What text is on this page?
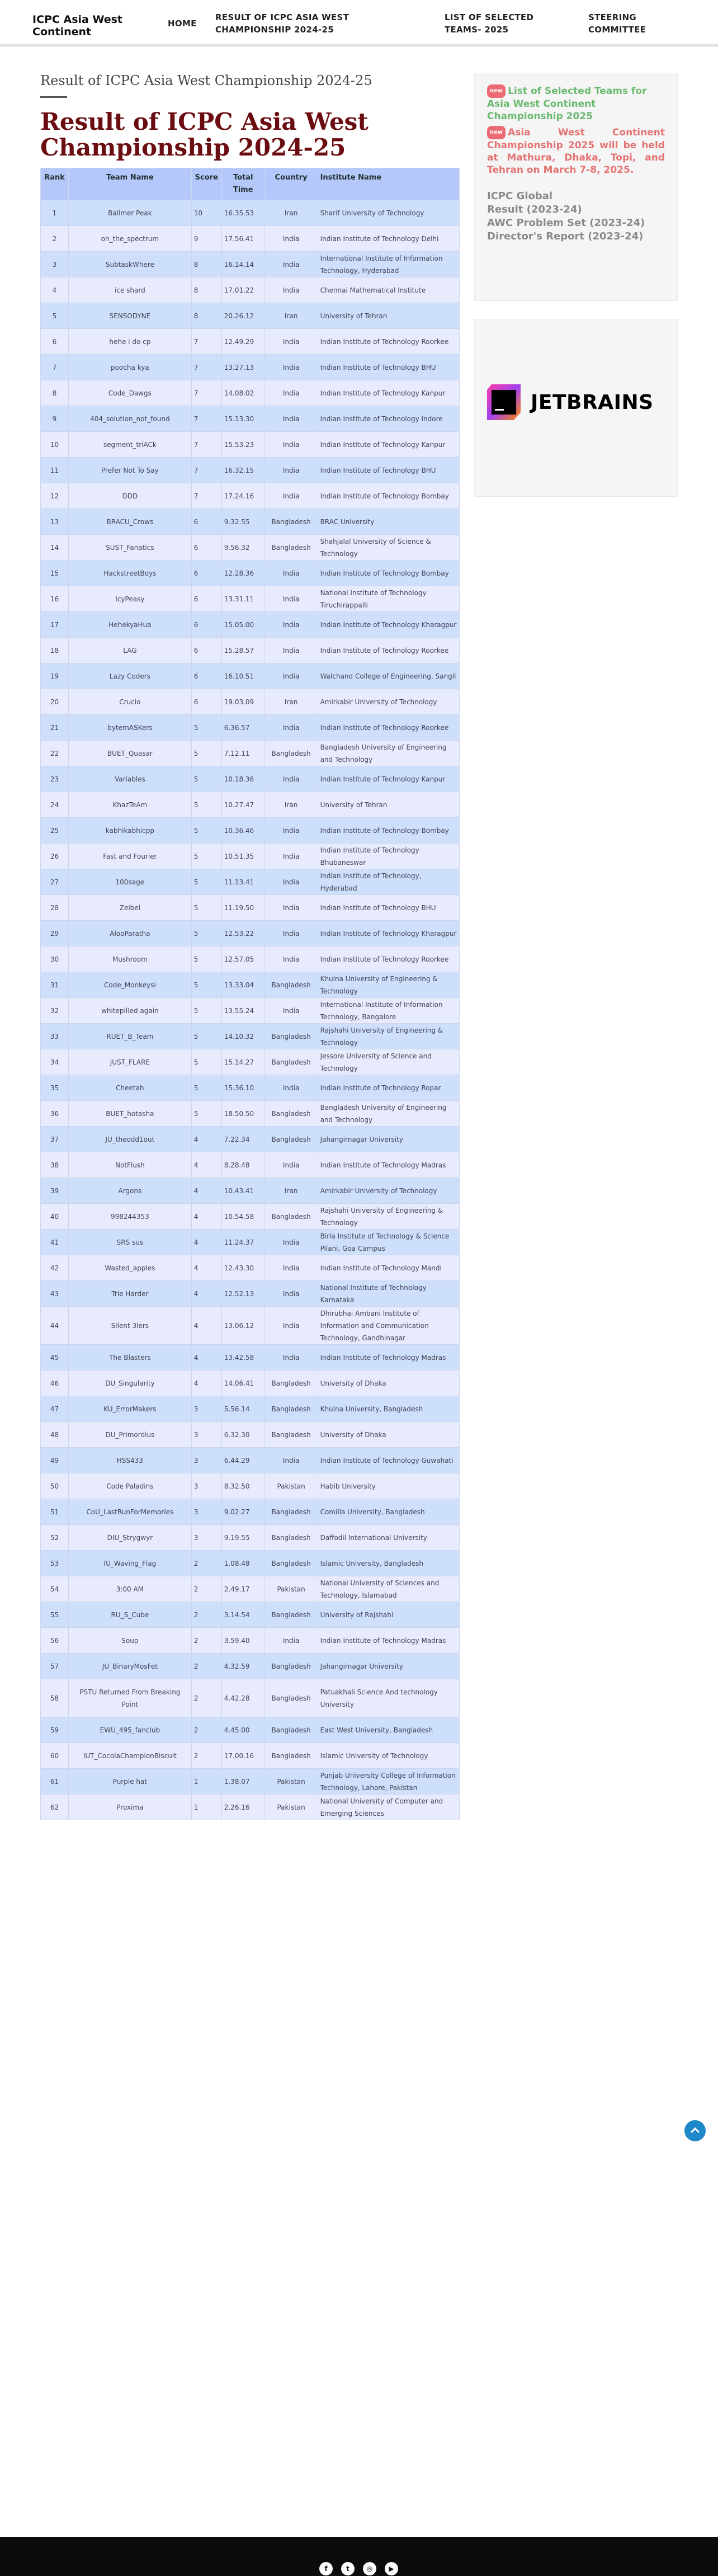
ICPC Asia West Continent
HOME
RESULT OF ICPC ASIA WEST CHAMPIONSHIP 2024-25
LIST OF SELECTED TEAMS- 2025
STEERING COMMITTEE
Result of ICPC Asia West Championship 2024-25
Result of ICPC Asia West Championship 2024-25
Rank	Team Name	Score	Total Time	Country	Institute Name
1	Ballmer Peak	10	16.35.53	Iran	Sharif University of Technology
2	on_the_spectrum	9	17.56.41	India	Indian Institute of Technology Delhi
3	SubtaskWhere	8	16.14.14	India	International Institute of Information Technology, Hyderabad
4	ice shard	8	17.01.22	India	Chennai Mathematical Institute
5	SENSODYNE	8	20.26.12	Iran	University of Tehran
6	hehe i do cp	7	12.49.29	India	Indian Institute of Technology Roorkee
7	poocha kya	7	13.27.13	India	Indian Institute of Technology BHU
8	Code_Dawgs	7	14.08.02	India	Indian Institute of Technology Kanpur
9	404_solution_not_found	7	15.13.30	India	Indian Institute of Technology Indore
10	segment_triACk	7	15.53.23	India	Indian Institute of Technology Kanpur
11	Prefer Not To Say	7	16.32.15	India	Indian Institute of Technology BHU
12	DDD	7	17.24.16	India	Indian Institute of Technology Bombay
13	BRACU_Crows	6	9.32.55	Bangladesh	BRAC University
14	SUST_Fanatics	6	9.56.32	Bangladesh	Shahjalal University of Science & Technology
15	HackstreetBoys	6	12.28.36	India	Indian Institute of Technology Bombay
16	IcyPeasy	6	13.31.11	India	National Institute of Technology Tiruchirappalli
17	HehekyaHua	6	15.05.00	India	Indian Institute of Technology Kharagpur
18	LAG	6	15.28.57	India	Indian Institute of Technology Roorkee
19	Lazy Coders	6	16.10.51	India	Walchand College of Engineering, Sangli
20	Crucio	6	19.03.09	Iran	Amirkabir University of Technology
21	bytemASKers	5	6.36.57	India	Indian Institute of Technology Roorkee
22	BUET_Quasar	5	7.12.11	Bangladesh	Bangladesh University of Engineering and Technology
23	Variables	5	10.18.36	India	Indian Institute of Technology Kanpur
24	KhazTeAm	5	10.27.47	Iran	University of Tehran
25	kabhikabhicpp	5	10.36.46	India	Indian Institute of Technology Bombay
26	Fast and Fourier	5	10.51.35	India	Indian Institute of Technology Bhubaneswar
27	100sage	5	11.13.41	India	Indian Institute of Technology, Hyderabad
28	Zeibel	5	11.19.50	India	Indian Institute of Technology BHU
29	AlooParatha	5	12.53.22	India	Indian Institute of Technology Kharagpur
30	Mushroom	5	12.57.05	India	Indian Institute of Technology Roorkee
31	Code_Monkeysi	5	13.33.04	Bangladesh	Khulna University of Engineering & Technology
32	whitepilled again	5	13.55.24	India	International Institute of Information Technology, Bangalore
33	RUET_B_Team	5	14.10.32	Bangladesh	Rajshahi University of Engineering & Technology
34	JUST_FLARE	5	15.14.27	Bangladesh	Jessore University of Science and Technology
35	Cheetah	5	15.36.10	India	Indian Institute of Technology Ropar
36	BUET_hotasha	5	18.50.50	Bangladesh	Bangladesh University of Engineering and Technology
37	JU_theodd1out	4	7.22.34	Bangladesh	Jahangirnagar University
38	NotFlush	4	8.28.48	India	Indian Institute of Technology Madras
39	Argons	4	10.43.41	Iran	Amirkabir University of Technology
40	998244353	4	10.54.58	Bangladesh	Rajshahi University of Engineering & Technology
41	SRS sus	4	11.24.37	India	Birla Institute of Technology & Science Pilani, Goa Campus
42	Wasted_apples	4	12.43.30	India	Indian Institute of Technology Mandi
43	Trie Harder	4	12.52.13	India	National Institute of Technology Karnataka
44	Silent 3lers	4	13.06.12	India	Dhirubhai Ambani Institute of Information and Communication Technology, Gandhinagar
45	The Blasters	4	13.42.58	India	Indian Institute of Technology Madras
46	DU_Singularity	4	14.06.41	Bangladesh	University of Dhaka
47	KU_ErrorMakers	3	5.56.14	Bangladesh	Khulna University, Bangladesh
48	DU_Primordius	3	6.32.30	Bangladesh	University of Dhaka
49	HSS433	3	6.44.29	India	Indian Institute of Technology Guwahati
50	Code Paladins	3	8.32.50	Pakistan	Habib University
51	CoU_LastRunForMemories	3	9.02.27	Bangladesh	Comilla University, Bangladesh
52	DIU_Strygwyr	3	9.19.55	Bangladesh	Daffodil International University
53	IU_Waving_Flag	2	1.08.48	Bangladesh	Islamic University, Bangladesh
54	3:00 AM	2	2.49.17	Pakistan	National University of Sciences and Technology, Islamabad
55	RU_S_Cube	2	3.14.54	Bangladesh	University of Rajshahi
56	Soup	2	3.59.40	India	Indian Institute of Technology Madras
57	JU_BinaryMosFet	2	4.32.59	Bangladesh	Jahangirnagar University
58	PSTU Returned From Breaking Point	2	4.42.28	Bangladesh	Patuakhali Science And technology University
59	EWU_495_fanclub	2	4.45.00	Bangladesh	East West University, Bangladesh
60	IUT_CocolaChampionBiscuit	2	17.00.16	Bangladesh	Islamic University of Technology
61	Purple hat	1	1.38.07	Pakistan	Punjab University College of Information Technology, Lahore, Pakistan
62	Proxima	1	2.26.16	Pakistan	National University of Computer and Emerging Sciences
new List of Selected Teams for Asia West Continent Championship 2025
new Asia West Continent Championship 2025 will be held at Mathura, Dhaka, Topi, and Tehran on March 7-8, 2025.
ICPC Global
Result (2023-24)
AWC Problem Set (2023-24)
Director's Report (2023-24)
JETBRAINS
f	t	◎	▶
